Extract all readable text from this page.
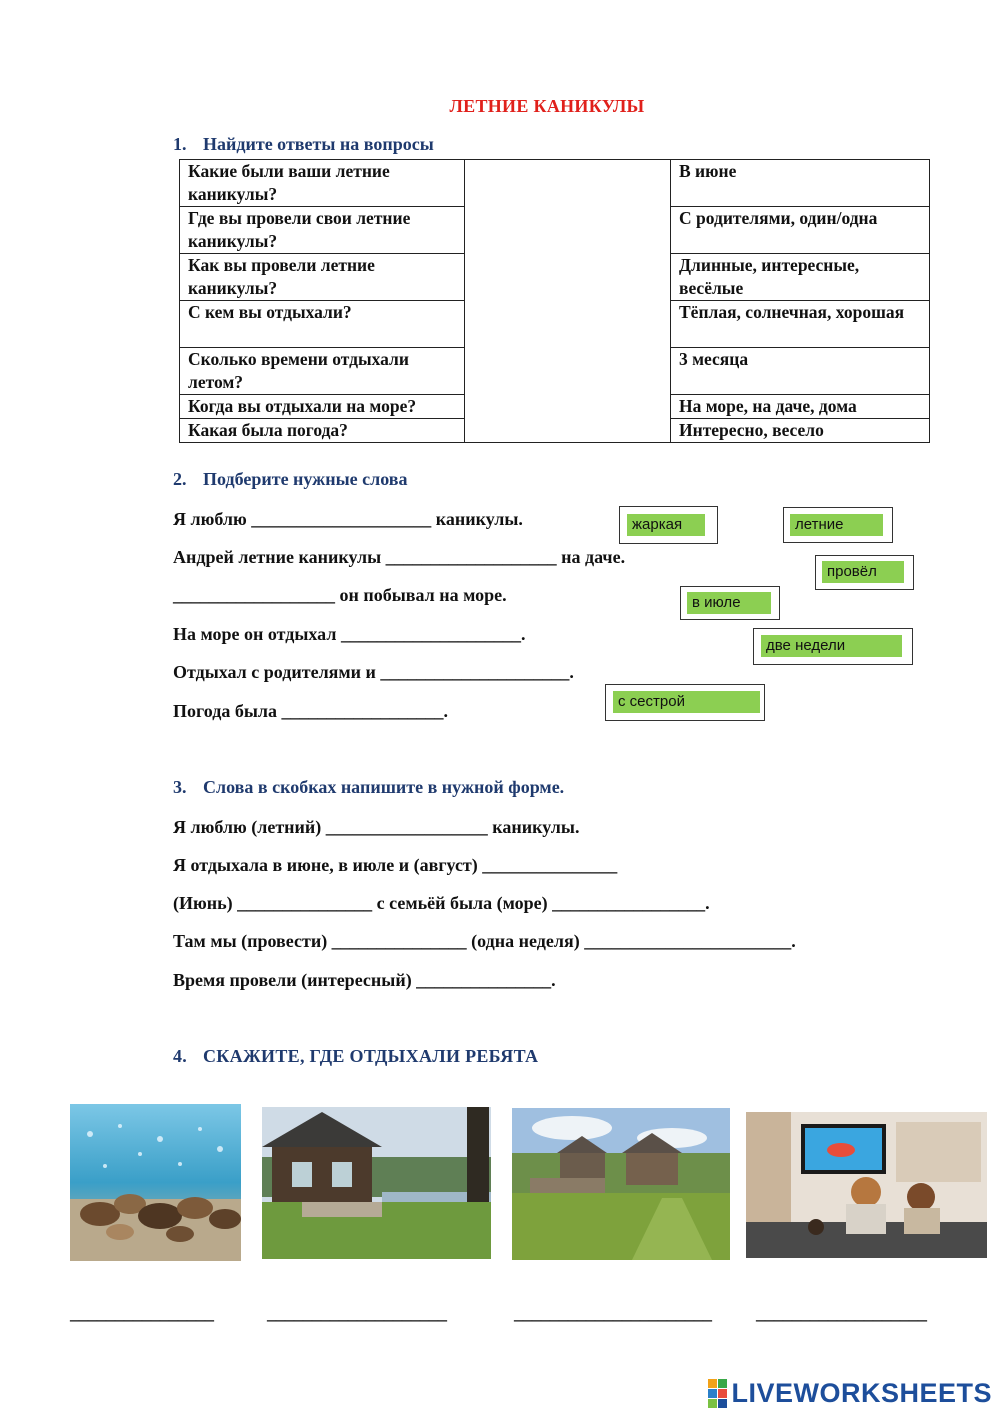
ЛЕТНИЕ КАНИКУЛЫ
1. Найдите ответы на вопросы
Какие были ваши летние каникулы?		В июне
Где вы провели свои летние каникулы?		С родителями, один/одна
Как вы провели летние каникулы?		Длинные, интересные, весёлые
С кем вы отдыхали?		Тёплая, солнечная, хорошая
Сколько времени отдыхали летом?		3 месяца
Когда вы отдыхали на море?		На море, на даче, дома
Какая была погода?		Интересно, весело
2. Подберите нужные слова
Я люблю ____________________ каникулы.
Андрей летние каникулы ___________________ на даче.
__________________ он побывал на море.
На море он отдыхал ____________________.
Отдыхал с родителями и _____________________.
Погода была __________________.
жаркая	летние
провёл
в июле
две недели
с сестрой
3. Слова в скобках напишите в нужной форме.
Я люблю (летний) __________________ каникулы.
Я отдыхала в июне, в июле и (август) _______________
(Июнь) _______________ с семьёй была (море) _________________.
Там мы (провести) _______________ (одна неделя) _______________________.
Время провели (интересный) _______________.
4. СКАЖИТЕ, ГДЕ ОТДЫХАЛИ РЕБЯТА
________________	____________________	______________________ ___________________
LIVEWORKSHEETS
